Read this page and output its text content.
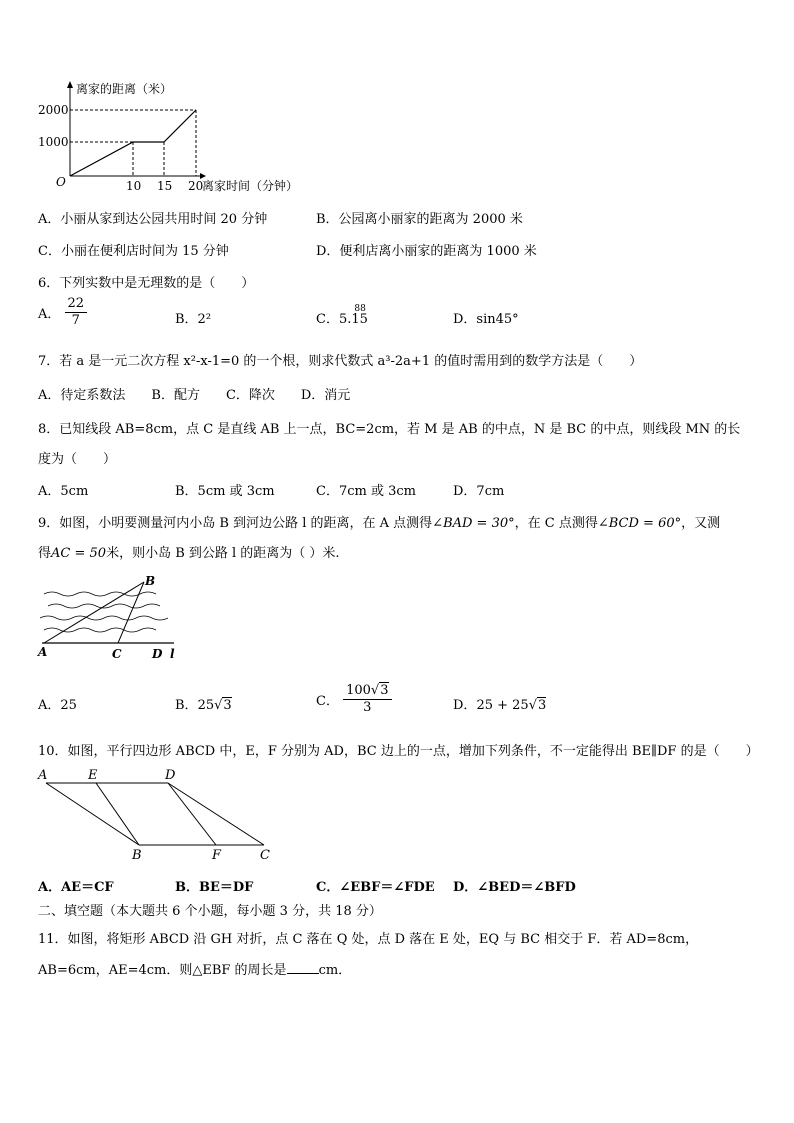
离家的距离（米）
离家时间（分钟）
2000
1000
O	10 15 20
A．小丽从家到达公园共用时间 20 分钟	B．公园离小丽家的距离为 2000 米
C．小丽在便利店时间为 15 分钟	D．便利店离小丽家的距离为 1000 米
6．下列实数中是无理数的是（　　）
A． $\frac{22}{7}$	B．2²	C．5.15
88
D．sin45°
7．若 a 是一元二次方程 x²-x-1=0 的一个根，则求代数式 a³-2a+1 的值时需用到的数学方法是（　　）
A．待定系数法　　B．配方　　C．降次　　D．消元
8．已知线段 AB=8cm，点 C 是直线 AB 上一点，BC=2cm，若 M 是 AB 的中点，N 是 BC 的中点，则线段 MN 的长
度为（　　）
A．5cm	B．5cm 或 3cm	C．7cm 或 3cm	D．7cm
9．如图，小明要测量河内小岛 B 到河边公路 l 的距离，在 A 点测得∠BAD = 30°，在 C 点测得∠BCD = 60°，又测
得AC = 50米，则小岛 B 到公路 l 的距离为（ ）米.
A
B
C	D l
A．25	B．25√3	C． $\frac{100√3}{3}$	D．25 + 25√3
10．如图，平行四边形 ABCD 中，E，F 分别为 AD，BC 边上的一点，增加下列条件，不一定能得出 BE∥DF 的是（　　）
A	E	D
B	F	C
A．AE＝CF	B．BE＝DF	C．∠EBF＝∠FDE D．∠BED＝∠BFD
二、填空题（本大题共 6 个小题，每小题 3 分，共 18 分）
11．如图，将矩形 ABCD 沿 GH 对折，点 C 落在 Q 处，点 D 落在 E 处，EQ 与 BC 相交于 F．若 AD=8cm，
AB=6cm，AE=4cm．则△EBF 的周长是 cm．
